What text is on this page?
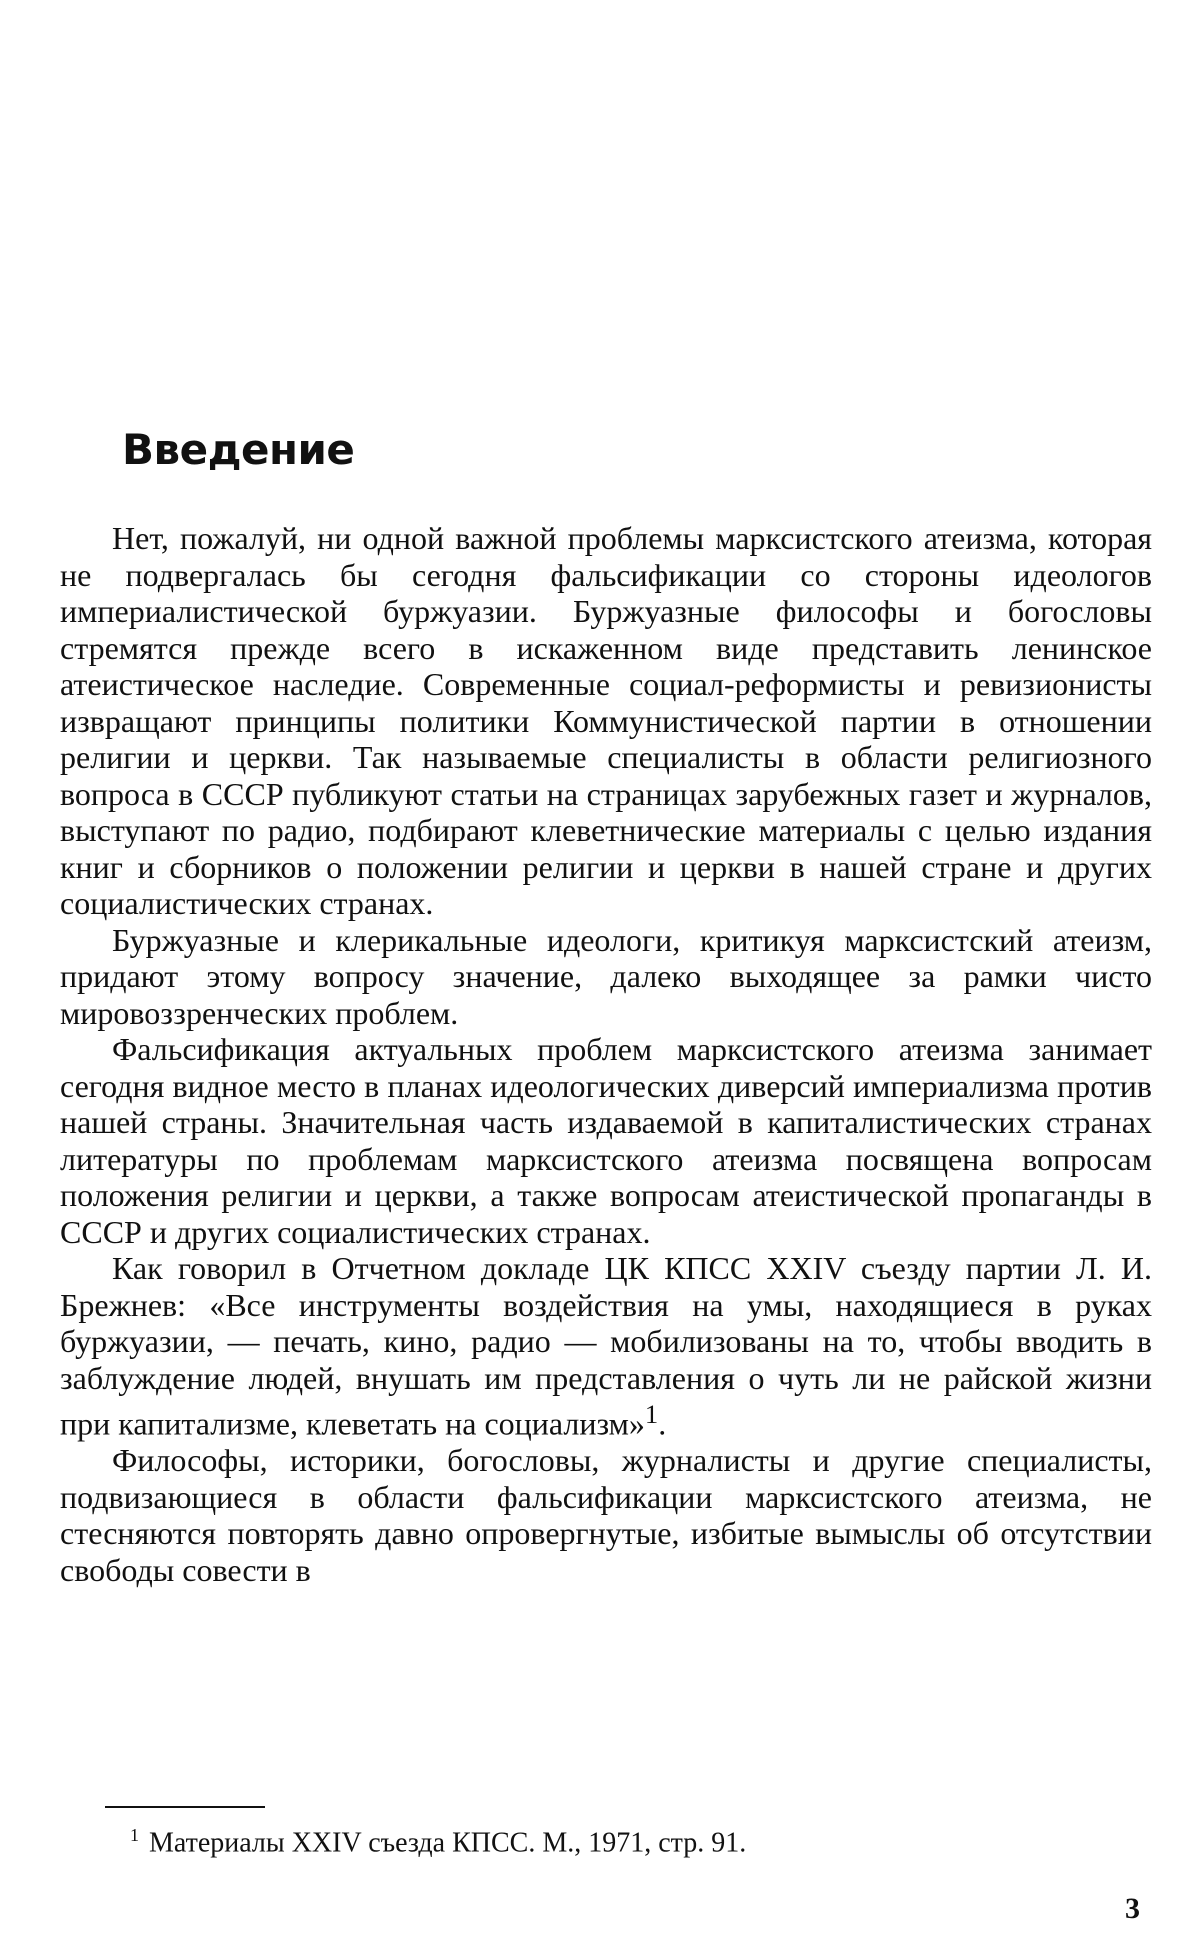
Введение

Нет, пожалуй, ни одной важной проблемы марксистского атеизма, которая не подвергалась бы сегодня фальсификации со стороны идеологов империалистической буржуазии. Буржуазные философы и богословы стремятся прежде всего в искаженном виде представить ленинское атеистическое наследие. Современные социал-реформисты и ревизионисты извращают принципы политики Коммунистической партии в отношении религии и церкви. Так называемые специалисты в области религиозного вопроса в СССР публикуют статьи на страницах зарубежных газет и журналов, выступают по радио, подбирают клеветнические материалы с целью издания книг и сборников о положении религии и церкви в нашей стране и других социалистических странах.

Буржуазные и клерикальные идеологи, критикуя марксистский атеизм, придают этому вопросу значение, далеко выходящее за рамки чисто мировоззренческих проблем.

Фальсификация актуальных проблем марксистского атеизма занимает сегодня видное место в планах идеологических диверсий империализма против нашей страны. Значительная часть издаваемой в капиталистических странах литературы по проблемам марксистского атеизма посвящена вопросам положения религии и церкви, а также вопросам атеистической пропаганды в СССР и других социалистических странах.

Как говорил в Отчетном докладе ЦК КПСС XXIV съезду партии Л. И. Брежнев: «Все инструменты воздействия на умы, находящиеся в руках буржуазии, — печать, кино, радио — мобилизованы на то, чтобы вводить в заблуждение людей, внушать им представления о чуть ли не райской жизни при капитализме, клеветать на социализм»$^1$.

Философы, историки, богословы, журналисты и другие специалисты, подвизающиеся в области фальсификации марксистского атеизма, не стесняются повторять давно опровергнутые, избитые вымыслы об отсутствии свободы совести в

$^1$ Материалы XXIV съезда КПСС. М., 1971, стр. 91.

3
